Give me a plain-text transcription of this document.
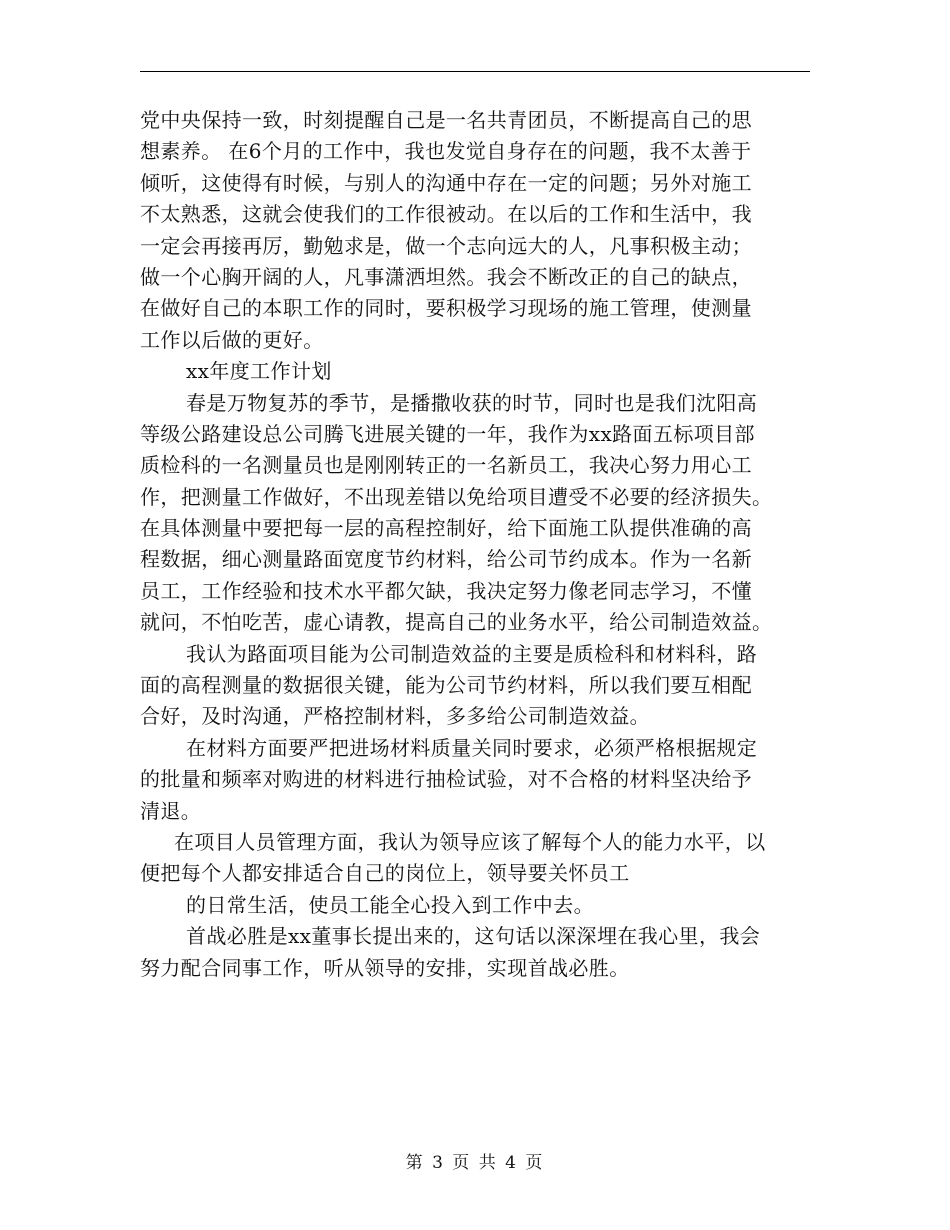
党中央保持一致，时刻提醒自己是一名共青团员，不断提高自己的思
想素养。 在6个月的工作中，我也发觉自身存在的问题，我不太善于
倾听，这使得有时候，与别人的沟通中存在一定的问题；另外对施工
不太熟悉，这就会使我们的工作很被动。在以后的工作和生活中，我
一定会再接再厉，勤勉求是，做一个志向远大的人，凡事积极主动；
做一个心胸开阔的人，凡事潇洒坦然。我会不断改正的自己的缺点，
在做好自己的本职工作的同时，要积极学习现场的施工管理，使测量
工作以后做的更好。
xx年度工作计划
春是万物复苏的季节，是播撒收获的时节，同时也是我们沈阳高
等级公路建设总公司腾飞进展关键的一年，我作为xx路面五标项目部
质检科的一名测量员也是刚刚转正的一名新员工，我决心努力用心工
作，把测量工作做好，不出现差错以免给项目遭受不必要的经济损失。
在具体测量中要把每一层的高程控制好，给下面施工队提供准确的高
程数据，细心测量路面宽度节约材料，给公司节约成本。作为一名新
员工，工作经验和技术水平都欠缺，我决定努力像老同志学习，不懂
就问，不怕吃苦，虚心请教，提高自己的业务水平，给公司制造效益。
我认为路面项目能为公司制造效益的主要是质检科和材料科，路
面的高程测量的数据很关键，能为公司节约材料，所以我们要互相配
合好，及时沟通，严格控制材料，多多给公司制造效益。
在材料方面要严把进场材料质量关同时要求，必须严格根据规定
的批量和频率对购进的材料进行抽检试验，对不合格的材料坚决给予
清退。
在项目人员管理方面，我认为领导应该了解每个人的能力水平，以
便把每个人都安排适合自己的岗位上，领导要关怀员工
的日常生活，使员工能全心投入到工作中去。
首战必胜是xx董事长提出来的，这句话以深深埋在我心里，我会
努力配合同事工作，听从领导的安排，实现首战必胜。
第 3 页 共 4 页
